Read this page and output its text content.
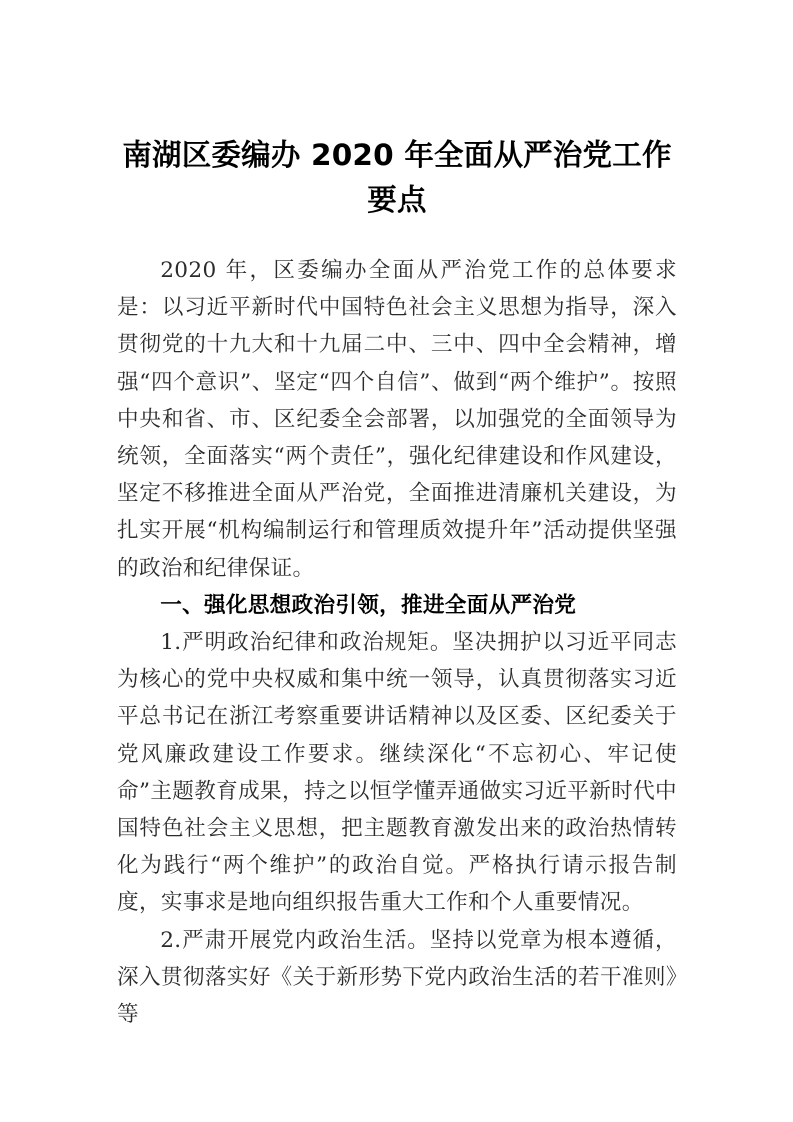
南湖区委编办 2020 年全面从严治党工作要点

2020 年，区委编办全面从严治党工作的总体要求是：以习近平新时代中国特色社会主义思想为指导，深入贯彻党的十九大和十九届二中、三中、四中全会精神，增强“四个意识”、坚定“四个自信”、做到“两个维护”。按照中央和省、市、区纪委全会部署，以加强党的全面领导为统领，全面落实“两个责任”，强化纪律建设和作风建设，坚定不移推进全面从严治党，全面推进清廉机关建设，为扎实开展“机构编制运行和管理质效提升年”活动提供坚强的政治和纪律保证。

一、强化思想政治引领，推进全面从严治党

1.严明政治纪律和政治规矩。坚决拥护以习近平同志为核心的党中央权威和集中统一领导，认真贯彻落实习近平总书记在浙江考察重要讲话精神以及区委、区纪委关于党风廉政建设工作要求。继续深化“不忘初心、牢记使命”主题教育成果，持之以恒学懂弄通做实习近平新时代中国特色社会主义思想，把主题教育激发出来的政治热情转化为践行“两个维护”的政治自觉。严格执行请示报告制度，实事求是地向组织报告重大工作和个人重要情况。

2.严肃开展党内政治生活。坚持以党章为根本遵循，深入贯彻落实好《关于新形势下党内政治生活的若干准则》等
